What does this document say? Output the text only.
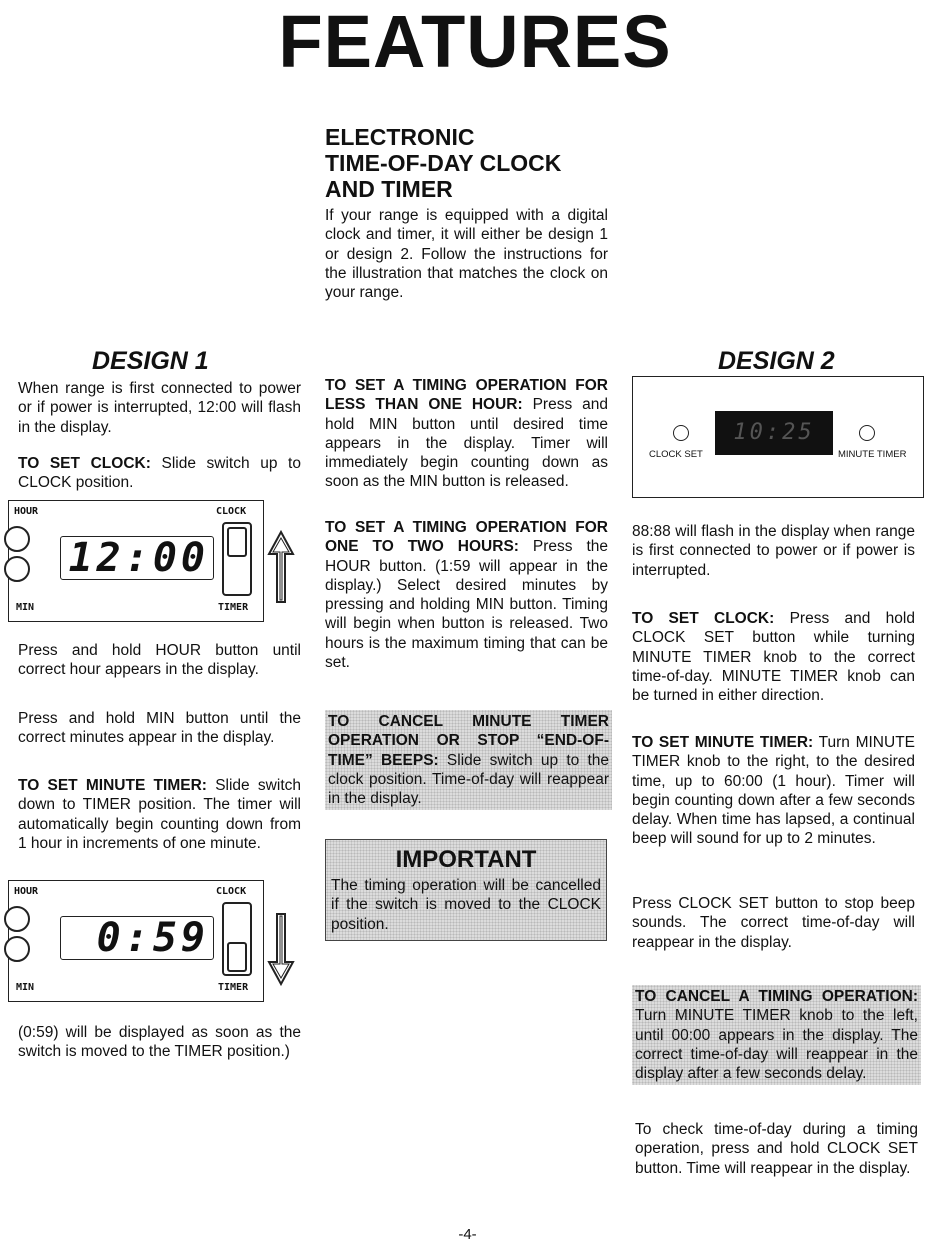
FEATURES
ELECTRONIC
TIME-OF-DAY CLOCK
AND TIMER
If your range is equipped with a digital clock and timer, it will either be design 1 or design 2. Follow the instructions for the illustration that matches the clock on your range.
DESIGN 1
When range is first connected to power or if power is interrupted, 12:00 will flash in the display.
TO SET CLOCK: Slide switch up to CLOCK position.
HOUR	CLOCK
12:00
MIN	TIMER
Press and hold HOUR button until correct hour appears in the display.
Press and hold MIN button until the correct minutes appear in the display.
TO SET MINUTE TIMER: Slide switch down to TIMER position. The timer will automatically begin counting down from 1 hour in increments of one minute.
HOUR	CLOCK
0:59
MIN	TIMER
(0:59) will be displayed as soon as the switch is moved to the TIMER position.)
TO SET A TIMING OPERATION FOR LESS THAN ONE HOUR: Press and hold MIN button until desired time appears in the display. Timer will immediately begin counting down as soon as the MIN button is released.
TO SET A TIMING OPERATION FOR ONE TO TWO HOURS: Press the HOUR button. (1:59 will appear in the display.) Select desired minutes by pressing and holding MIN button. Timing will begin when button is released. Two hours is the maximum timing that can be set.
TO CANCEL MINUTE TIMER OPERATION OR STOP “END-OF-TIME” BEEPS: Slide switch up to the clock position. Time-of-day will reappear in the display.
IMPORTANT
The timing operation will be cancelled if the switch is moved to the CLOCK position.
DESIGN 2
CLOCK SET
10:25
MINUTE TIMER
88:88 will flash in the display when range is first connected to power or if power is interrupted.
TO SET CLOCK: Press and hold CLOCK SET button while turning MINUTE TIMER knob to the correct time-of-day. MINUTE TIMER knob can be turned in either direction.
TO SET MINUTE TIMER: Turn MINUTE TIMER knob to the right, to the desired time, up to 60:00 (1 hour). Timer will begin counting down after a few seconds delay. When time has lapsed, a continual beep will sound for up to 2 minutes.
Press CLOCK SET button to stop beep sounds. The correct time-of-day will reappear in the display.
TO CANCEL A TIMING OPERATION: Turn MINUTE TIMER knob to the left, until 00:00 appears in the display. The correct time-of-day will reappear in the display after a few seconds delay.
To check time-of-day during a timing operation, press and hold CLOCK SET button. Time will reappear in the display.
-4-
